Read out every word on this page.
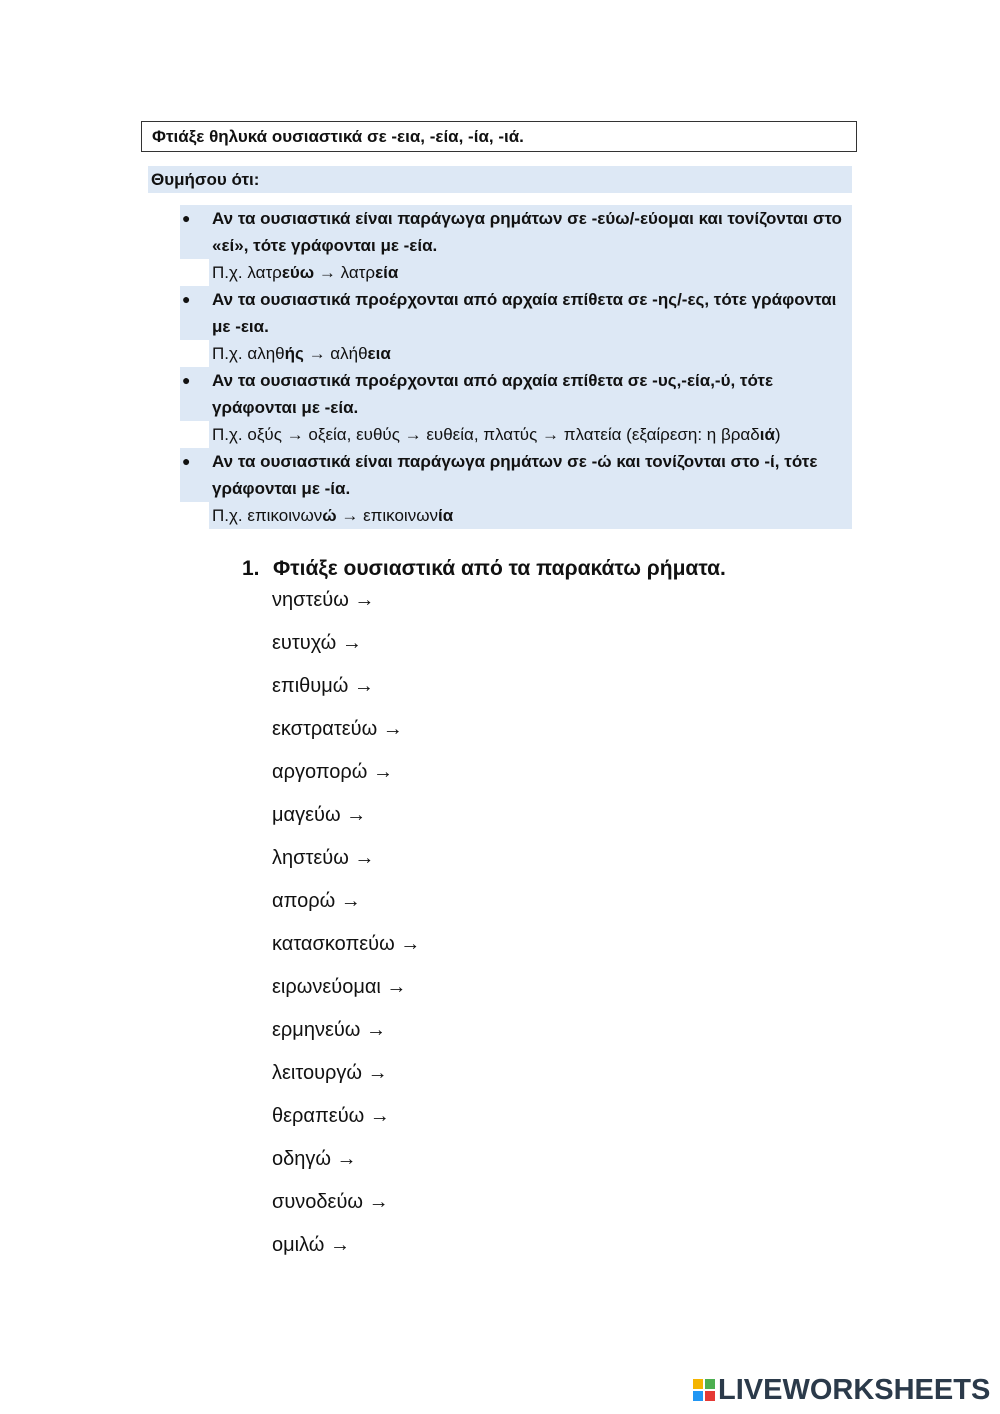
Φτιάξε θηλυκά ουσιαστικά σε -εια, -εία, -ία, -ιά.
Θυμήσου ότι:
●	Αν τα ουσιαστικά είναι παράγωγα ρημάτων σε -εύω/-εύομαι και τονίζονται στο «εί», τότε γράφονται με -εία.
Π.χ. λατρεύω → λατρεία
●	Αν τα ουσιαστικά προέρχονται από αρχαία επίθετα σε -ης/-ες, τότε γράφονται με -εια.
Π.χ. αληθής → αλήθεια
●	Αν τα ουσιαστικά προέρχονται από αρχαία επίθετα σε -υς,-εία,-ύ, τότε γράφονται με -εία.
Π.χ. οξύς → οξεία, ευθύς → ευθεία, πλατύς → πλατεία (εξαίρεση: η βραδιά)
●	Αν τα ουσιαστικά είναι παράγωγα ρημάτων σε -ώ και τονίζονται στο -ί, τότε γράφονται με -ία.
Π.χ. επικοινωνώ → επικοινωνία
1. Φτιάξε ουσιαστικά από τα παρακάτω ρήματα.
νηστεύω →
ευτυχώ →
επιθυμώ →
εκστρατεύω →
αργοπορώ →
μαγεύω →
ληστεύω →
απορώ →
κατασκοπεύω →
ειρωνεύομαι →
ερμηνεύω →
λειτουργώ →
θεραπεύω →
οδηγώ →
συνοδεύω →
ομιλώ →
LIVEWORKSHEETS
